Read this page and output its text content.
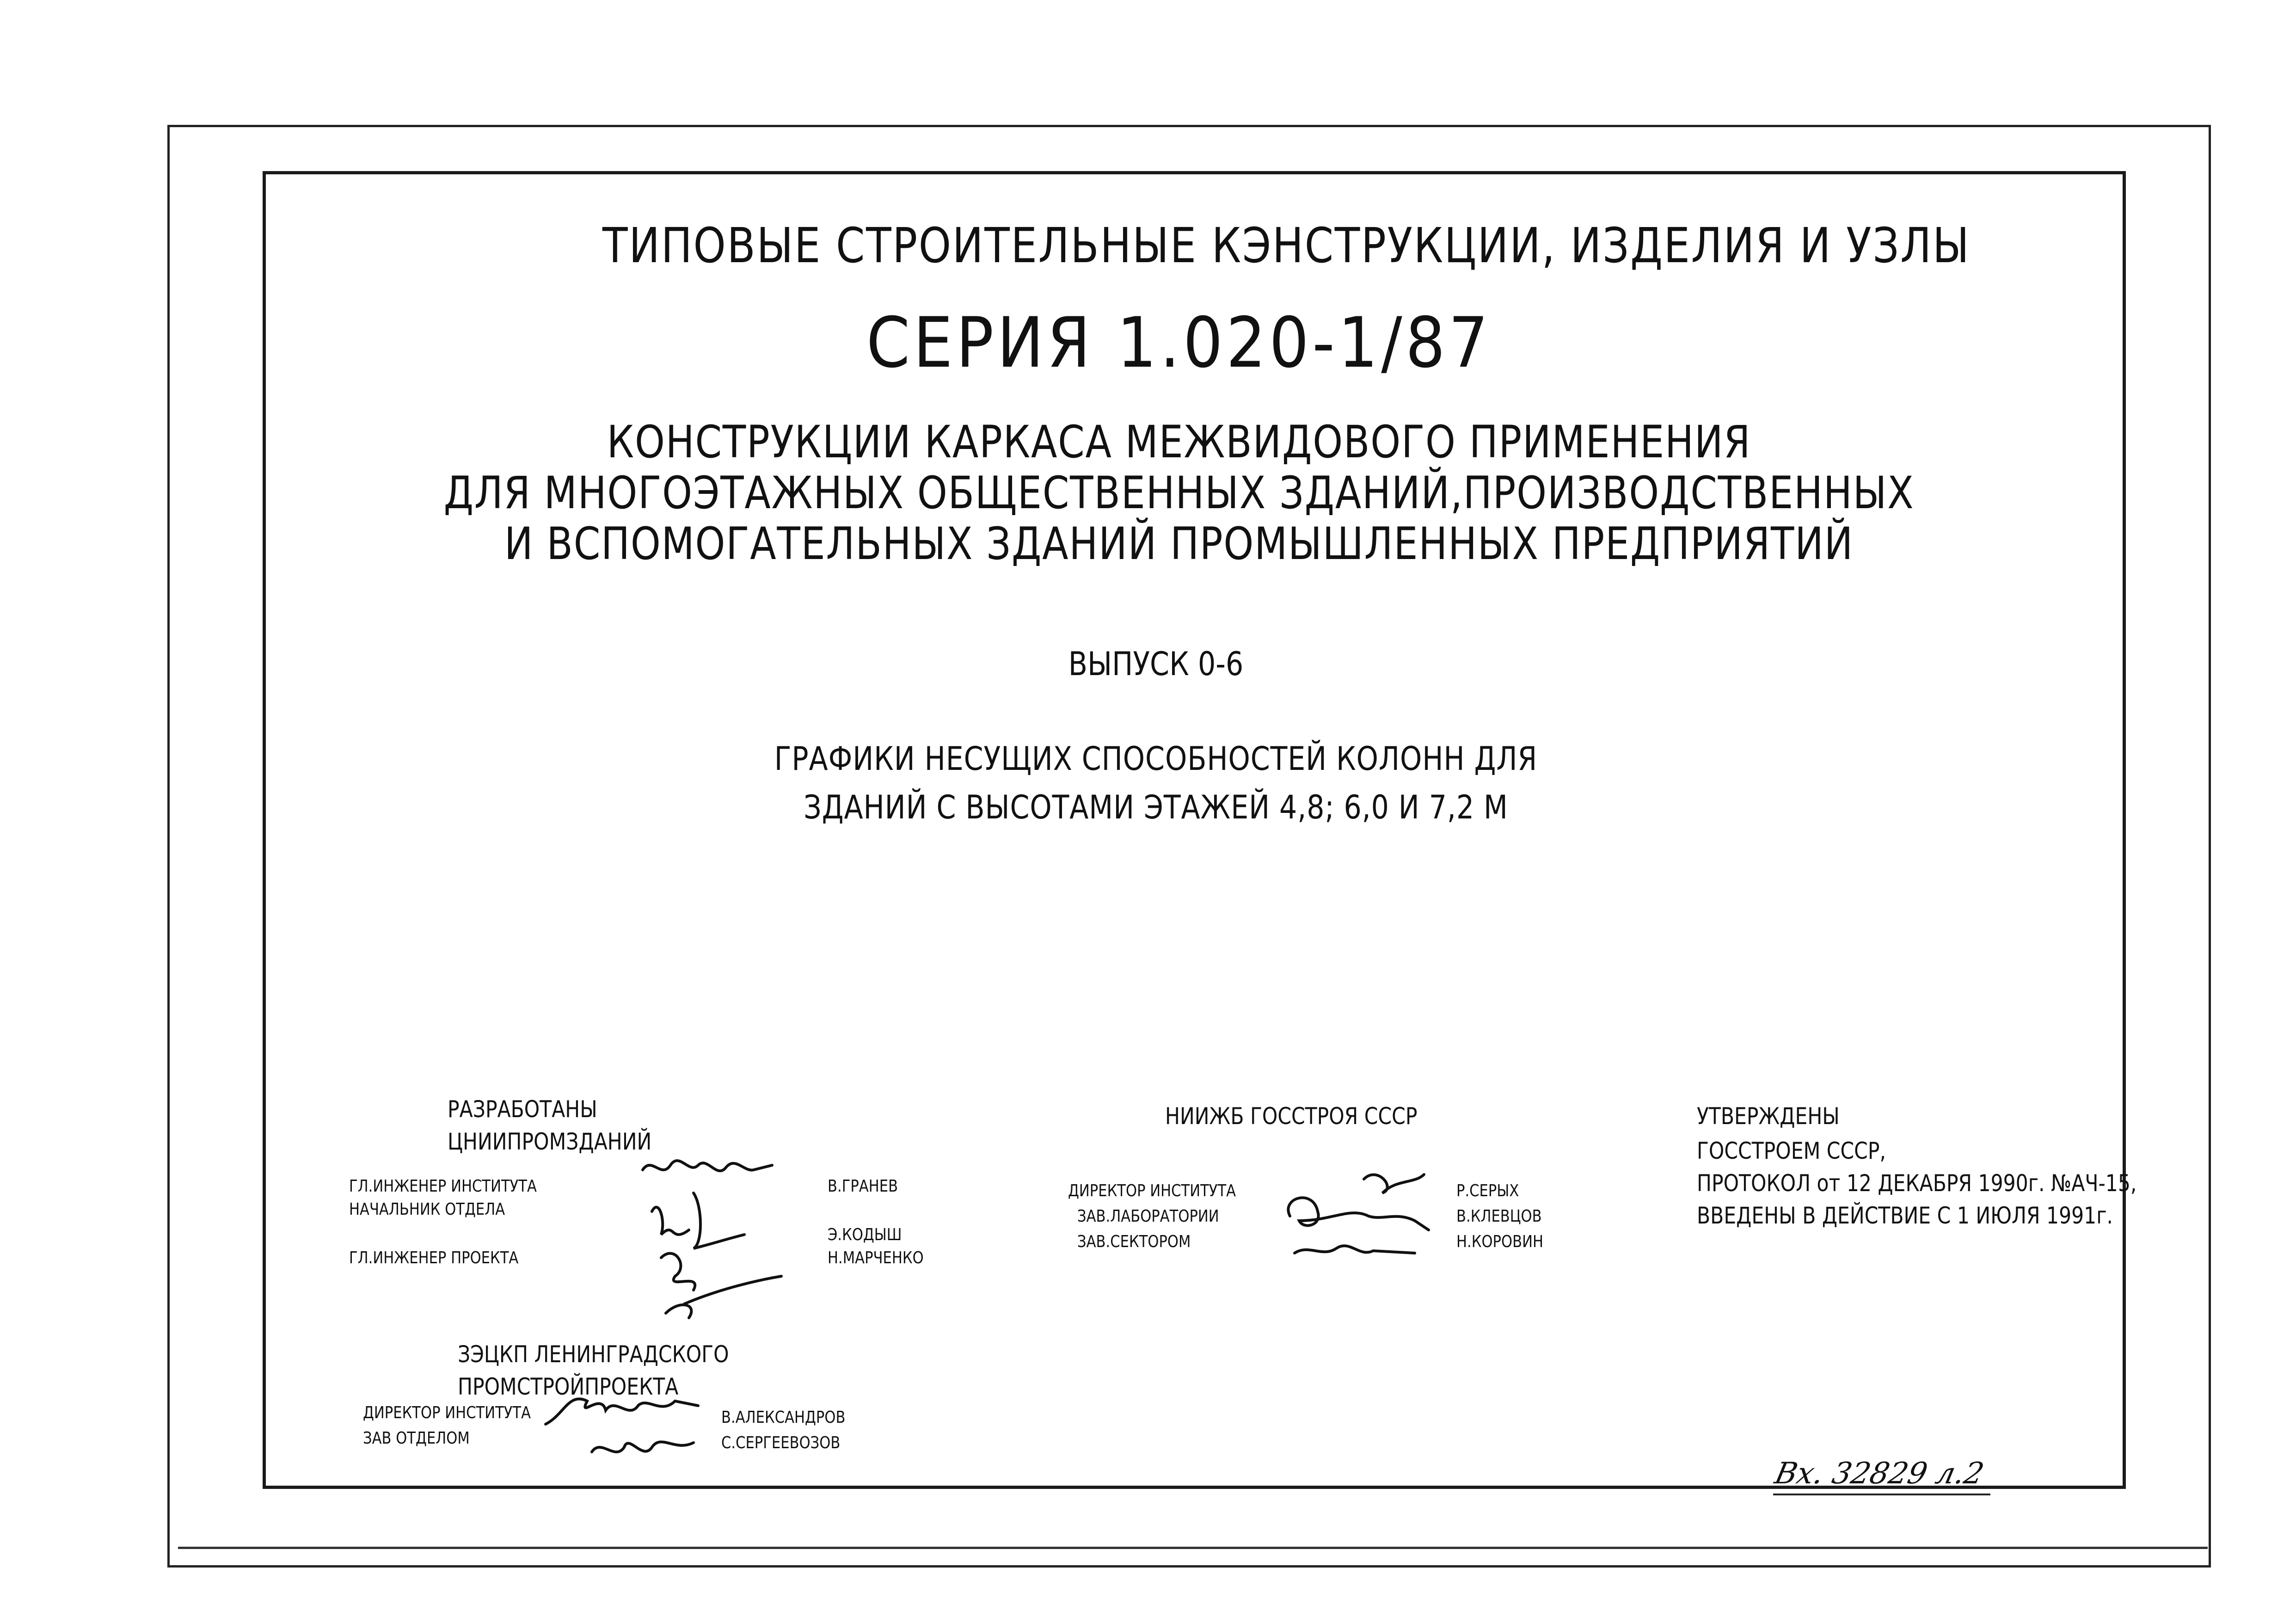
ТИПОВЫЕ СТРОИТЕЛЬНЫЕ КЭНСТРУКЦИИ, ИЗДЕЛИЯ И УЗЛЫ
СЕРИЯ 1.020-1/87
КОНСТРУКЦИИ КАРКАСА МЕЖВИДОВОГО ПРИМЕНЕНИЯ
ДЛЯ МНОГОЭТАЖНЫХ ОБЩЕСТВЕННЫХ ЗДАНИЙ,ПРОИЗВОДСТВЕННЫХ
И ВСПОМОГАТЕЛЬНЫХ ЗДАНИЙ ПРОМЫШЛЕННЫХ ПРЕДПРИЯТИЙ
ВЫПУСК 0-6
ГРАФИКИ НЕСУЩИХ СПОСОБНОСТЕЙ КОЛОНН ДЛЯ
ЗДАНИЙ С ВЫСОТАМИ ЭТАЖЕЙ 4,8; 6,0 И 7,2 М
РАЗРАБОТАНЫ
ЦНИИПРОМЗДАНИЙ
ГЛ.ИНЖЕНЕР ИНСТИТУТА
НАЧАЛЬНИК ОТДЕЛА
ГЛ.ИНЖЕНЕР ПРОЕКТА
В.ГРАНЕВ
Э.КОДЫШ
Н.МАРЧЕНКО
НИИЖБ ГОССТРОЯ СССР
ДИРЕКТОР ИНСТИТУТА
ЗАВ.ЛАБОРАТОРИИ
ЗАВ.СЕКТОРОМ
Р.СЕРЫХ
В.КЛЕВЦОВ
Н.КОРОВИН
УТВЕРЖДЕНЫ
ГОССТРОЕМ СССР,
ПРОТОКОЛ от 12 ДЕКАБРЯ 1990г. №АЧ-15,
ВВЕДЕНЫ В ДЕЙСТВИЕ С 1 ИЮЛЯ 1991г.
ЗЭЦКП ЛЕНИНГРАДСКОГО
ПРОМСТРОЙПРОЕКТА
ДИРЕКТОР ИНСТИТУТА
ЗАВ ОТДЕЛОМ
В.АЛЕКСАНДРОВ
С.СЕРГЕЕВОЗОВ
Вх. 32829 л.2
